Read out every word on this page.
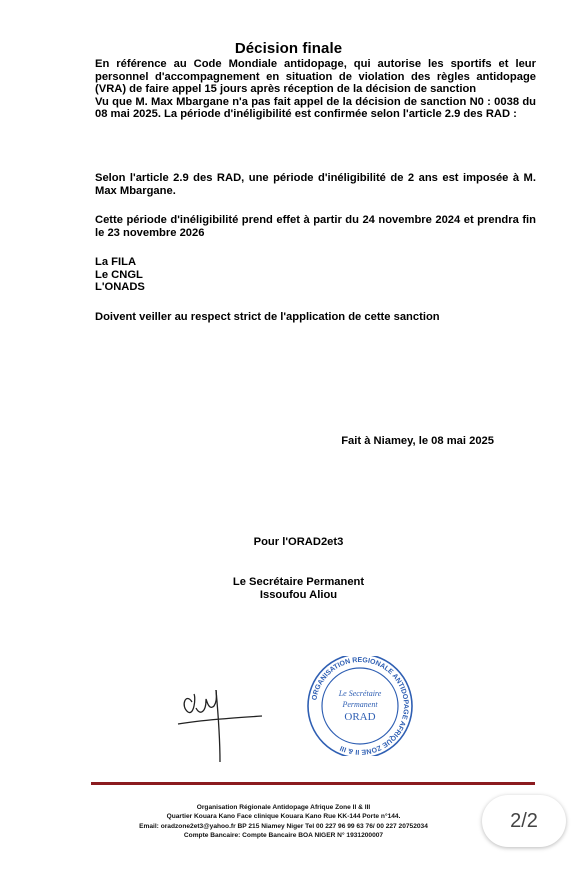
Décision finale

En référence au Code Mondiale antidopage, qui autorise les sportifs et leur personnel d'accompagnement en situation de violation des règles antidopage (VRA) de faire appel 15 jours après réception de la décision de sanction

Vu que M. Max Mbargane n'a pas fait appel de la décision de sanction N0 : 0038 du 08 mai 2025. La période d'inéligibilité est confirmée selon l'article 2.9 des RAD :

Selon l'article 2.9 des RAD, une période d'inéligibilité de 2 ans est imposée à M. Max Mbargane.

Cette période d'inéligibilité prend effet à partir du 24 novembre 2024 et prendra fin le 23 novembre 2026

La FILA

Le CNGL

L'ONADS

Doivent veiller au respect strict de l'application de cette sanction

Fait à Niamey, le 08 mai 2025
Pour l'ORAD2et3
Le Secrétaire Permanent
Issoufou Aliou
ORGANISATION REGIONALE ANTIDOPAGE AFRIQUE ZONE II & III
Le Secrétaire
Permanent
ORAD
Organisation Régionale Antidopage Afrique Zone II & III
Quartier Kouara Kano Face clinique Kouara Kano Rue KK-144 Porte n°144.
Email: oradzone2et3@yahoo.fr BP 215 Niamey Niger Tel 00 227 96 99 63 76/ 00 227 20752034
Compte Bancaire: Compte Bancaire BOA NIGER N° 1931200007
2/2
